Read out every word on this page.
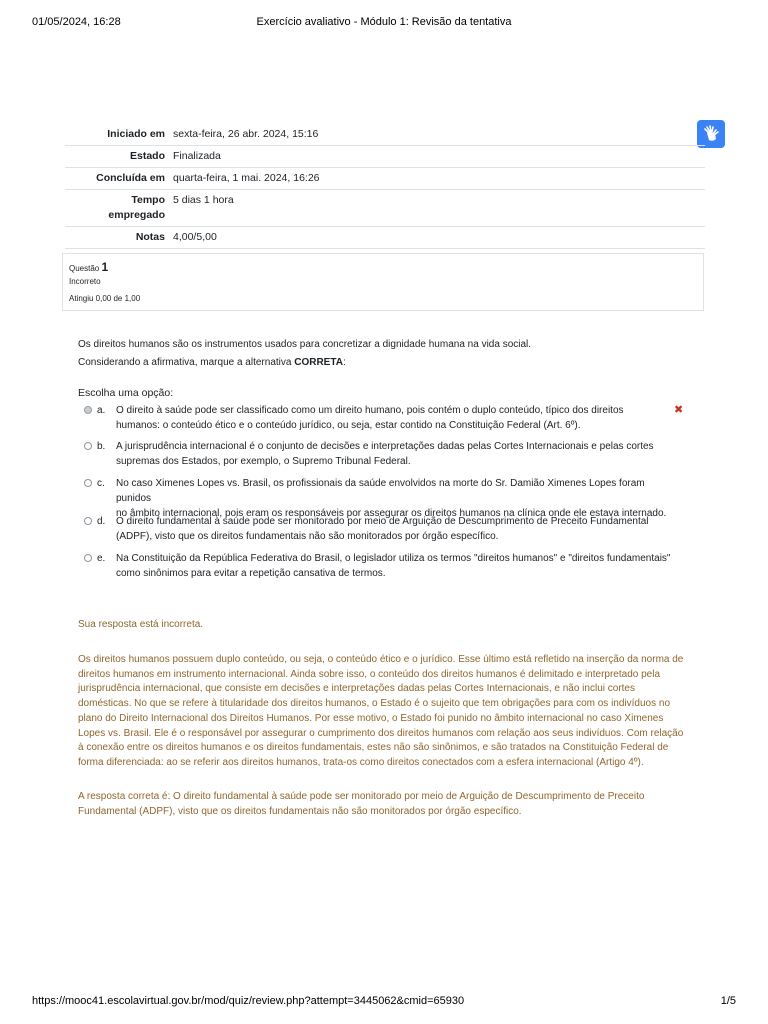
01/05/2024, 16:28	Exercício avaliativo - Módulo 1: Revisão da tentativa
Iniciado em	sexta-feira, 26 abr. 2024, 15:16
Estado	Finalizada
Concluída em	quarta-feira, 1 mai. 2024, 16:26
Tempo
empregado	5 dias 1 hora
Notas	4,00/5,00

Questão 1
Incorreto
Atingiu 0,00 de 1,00

Os direitos humanos são os instrumentos usados para concretizar a dignidade humana na vida social.

Considerando a afirmativa, marque a alternativa CORRETA:

Escolha uma opção:
a. O direito à saúde pode ser classificado como um direito humano, pois contém o duplo conteúdo, típico dos direitos
humanos: o conteúdo ético e o conteúdo jurídico, ou seja, estar contido na Constituição Federal (Art. 6º).
✖
b. A jurisprudência internacional é o conjunto de decisões e interpretações dadas pelas Cortes Internacionais e pelas cortes
supremas dos Estados, por exemplo, o Supremo Tribunal Federal.
c. No caso Ximenes Lopes vs. Brasil, os profissionais da saúde envolvidos na morte do Sr. Damião Ximenes Lopes foram punidos
no âmbito internacional, pois eram os responsáveis por assegurar os direitos humanos na clínica onde ele estava internado.
d. O direito fundamental à saúde pode ser monitorado por meio de Arguição de Descumprimento de Preceito Fundamental
(ADPF), visto que os direitos fundamentais não são monitorados por órgão específico.
e. Na Constituição da República Federativa do Brasil, o legislador utiliza os termos "direitos humanos" e "direitos fundamentais"
como sinônimos para evitar a repetição cansativa de termos.
Sua resposta está incorreta.

Os direitos humanos possuem duplo conteúdo, ou seja, o conteúdo ético e o jurídico. Esse último está refletido na inserção da norma de

direitos humanos em instrumento internacional. Ainda sobre isso, o conteúdo dos direitos humanos é delimitado e interpretado pela

jurisprudência internacional, que consiste em decisões e interpretações dadas pelas Cortes Internacionais, e não inclui cortes

domésticas. No que se refere à titularidade dos direitos humanos, o Estado é o sujeito que tem obrigações para com os indivíduos no

plano do Direito Internacional dos Direitos Humanos. Por esse motivo, o Estado foi punido no âmbito internacional no caso Ximenes

Lopes vs. Brasil. Ele é o responsável por assegurar o cumprimento dos direitos humanos com relação aos seus indivíduos. Com relação

à conexão entre os direitos humanos e os direitos fundamentais, estes não são sinônimos, e são tratados na Constituição Federal de

forma diferenciada: ao se referir aos direitos humanos, trata-os como direitos conectados com a esfera internacional (Artigo 4º).

A resposta correta é: O direito fundamental à saúde pode ser monitorado por meio de Arguição de Descumprimento de Preceito

Fundamental (ADPF), visto que os direitos fundamentais não são monitorados por órgão específico.

https://mooc41.escolavirtual.gov.br/mod/quiz/review.php?attempt=3445062&cmid=65930	1/5
